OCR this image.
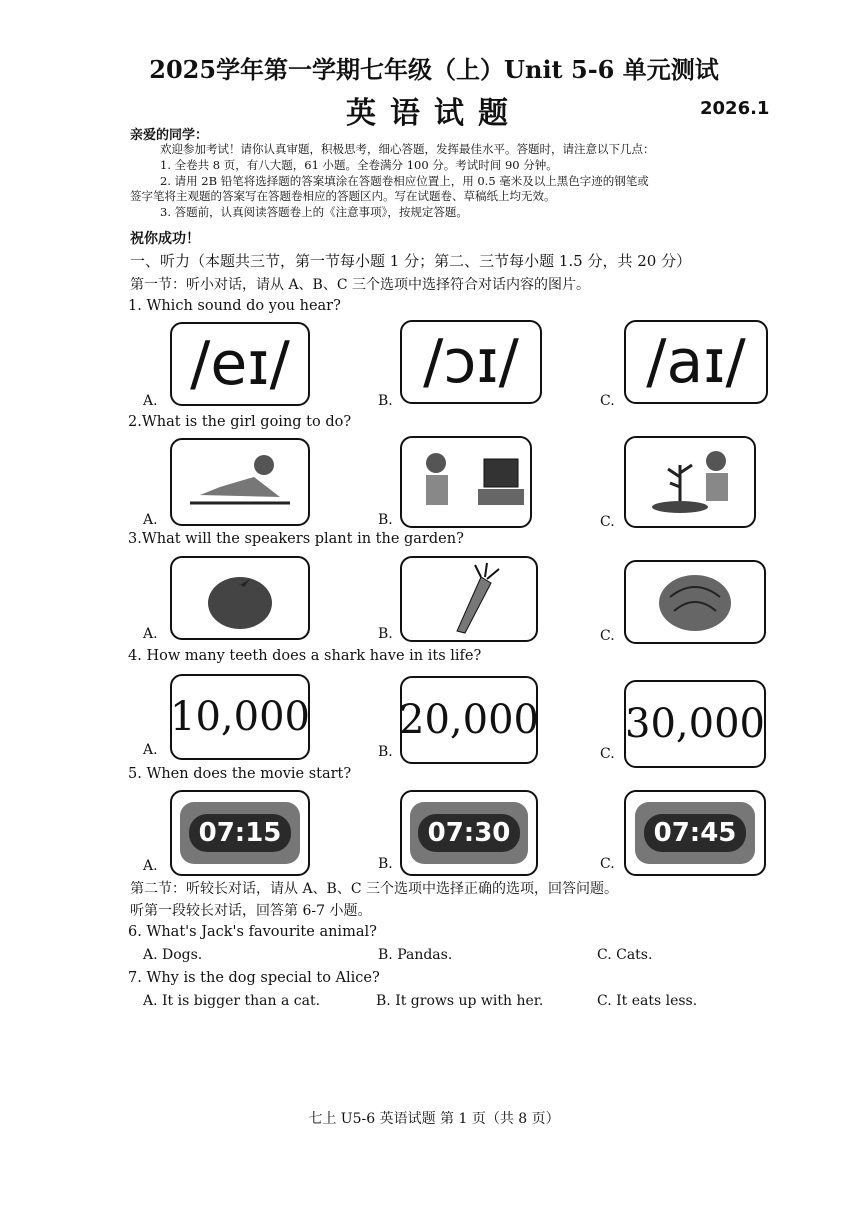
2025学年第一学期七年级（上）Unit 5-6 单元测试
英语试题	2026.1
亲爱的同学：
欢迎参加考试！请你认真审题，积极思考，细心答题，发挥最佳水平。答题时，请注意以下几点：
1. 全卷共 8 页，有八大题，61 小题。全卷满分 100 分。考试时间 90 分钟。
2. 请用 2B 铅笔将选择题的答案填涂在答题卷相应位置上，用 0.5 毫米及以上黑色字迹的钢笔或
签字笔将主观题的答案写在答题卷相应的答题区内。写在试题卷、草稿纸上均无效。
3. 答题前，认真阅读答题卷上的《注意事项》，按规定答题。
祝你成功！
一、听力（本题共三节，第一节每小题 1 分；第二、三节每小题 1.5 分，共 20 分）
第一节：听小对话，请从 A、B、C 三个选项中选择符合对话内容的图片。
1. Which sound do you hear?
A.
/eɪ/
B.
/ɔɪ/
C.
/aɪ/
2.What is the girl going to do?
A.	B.	C.
3.What will the speakers plant in the garden?
A.	B.	C.
4. How many teeth does a shark have in its life?
A.
10,000
B.
20,000
C.
30,000
5. When does the movie start?
A.
07:15
B.
07:30
C.
07:45
第二节：听较长对话，请从 A、B、C 三个选项中选择正确的选项，回答问题。
听第一段较长对话，回答第 6-7 小题。
6. What's Jack's favourite animal?
A. Dogs.	B. Pandas.	C. Cats.
7. Why is the dog special to Alice?
A. It is bigger than a cat.	B. It grows up with her.	C. It eats less.
七上 U5-6 英语试题 第 1 页（共 8 页）
